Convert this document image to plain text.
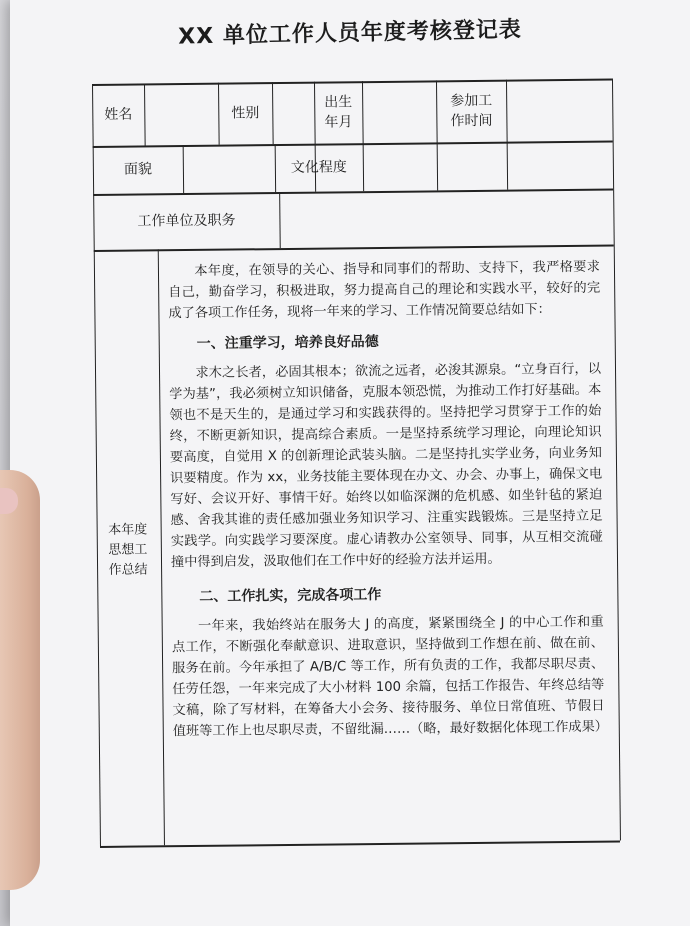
XX 单位工作人员年度考核登记表
姓名	性别
出生年月
参加工作时间
面貌	文化程度
工作单位及职务
本年度思想工作总结

本年度，在领导的关心、指导和同事们的帮助、支持下，我严格要求自己，勤奋学习，积极进取，努力提高自己的理论和实践水平，较好的完成了各项工作任务，现将一年来的学习、工作情况简要总结如下：

一、注重学习，培养良好品德

求木之长者，必固其根本；欲流之远者，必浚其源泉。“立身百行，以学为基”，我必须树立知识储备，克服本领恐慌，为推动工作打好基础。本领也不是天生的，是通过学习和实践获得的。坚持把学习贯穿于工作的始终，不断更新知识，提高综合素质。一是坚持系统学习理论，向理论知识要高度，自觉用 X 的创新理论武装头脑。二是坚持扎实学业务，向业务知识要精度。作为 xx，业务技能主要体现在办文、办会、办事上，确保文电写好、会议开好、事情干好。始终以如临深渊的危机感、如坐针毡的紧迫感、舍我其谁的责任感加强业务知识学习、注重实践锻炼。三是坚持立足实践学。向实践学习要深度。虚心请教办公室领导、同事，从互相交流碰撞中得到启发，汲取他们在工作中好的经验方法并运用。

二、工作扎实，完成各项工作

一年来，我始终站在服务大 J 的高度，紧紧围绕全 J 的中心工作和重点工作，不断强化奉献意识、进取意识，坚持做到工作想在前、做在前、服务在前。今年承担了 A/B/C 等工作，所有负责的工作，我都尽职尽责、任劳任怨，一年来完成了大小材料 100 余篇，包括工作报告、年终总结等文稿，除了写材料，在筹备大小会务、接待服务、单位日常值班、节假日值班等工作上也尽职尽责，不留纰漏……（略，最好数据化体现工作成果）
